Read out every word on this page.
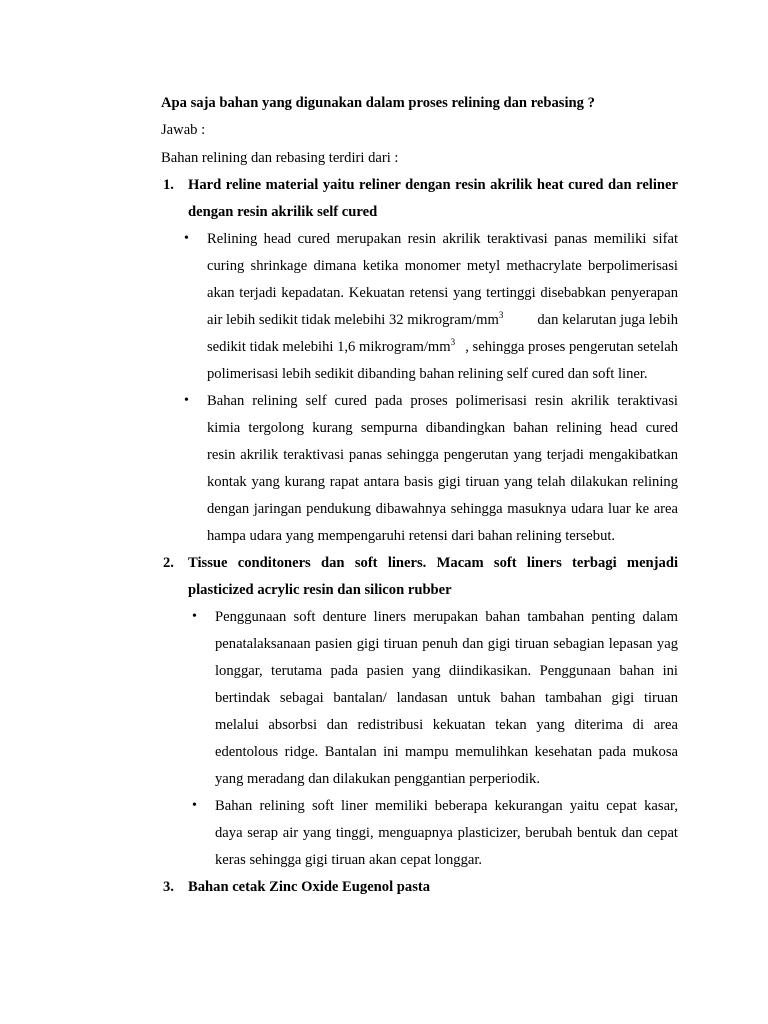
Apa saja bahan yang digunakan dalam proses relining dan rebasing ?
Jawab :
Bahan relining dan rebasing terdiri dari :
1. Hard reline material yaitu reliner dengan resin akrilik heat cured dan reliner
dengan resin akrilik self cured
• Relining head cured merupakan resin akrilik teraktivasi panas memiliki sifat
curing shrinkage dimana ketika monomer metyl methacrylate berpolimerisasi
akan terjadi kepadatan. Kekuatan retensi yang tertinggi disebabkan penyerapan
air lebih sedikit tidak melebihi 32 mikrogram/$mm^3$ dan kelarutan juga lebih
sedikit tidak melebihi 1,6 mikrogram/$mm^3$ , sehingga proses pengerutan setelah
polimerisasi lebih sedikit dibanding bahan relining self cured dan soft liner.
• Bahan relining self cured pada proses polimerisasi resin akrilik teraktivasi
kimia tergolong kurang sempurna dibandingkan bahan relining head cured
resin akrilik teraktivasi panas sehingga pengerutan yang terjadi mengakibatkan
kontak yang kurang rapat antara basis gigi tiruan yang telah dilakukan relining
dengan jaringan pendukung dibawahnya sehingga masuknya udara luar ke area
hampa udara yang mempengaruhi retensi dari bahan relining tersebut.
2. Tissue conditoners dan soft liners. Macam soft liners terbagi menjadi
plasticized acrylic resin dan silicon rubber
• Penggunaan soft denture liners merupakan bahan tambahan penting dalam
penatalaksanaan pasien gigi tiruan penuh dan gigi tiruan sebagian lepasan yag
longgar, terutama pada pasien yang diindikasikan. Penggunaan bahan ini
bertindak sebagai bantalan/ landasan untuk bahan tambahan gigi tiruan
melalui absorbsi dan redistribusi kekuatan tekan yang diterima di area
edentolous ridge. Bantalan ini mampu memulihkan kesehatan pada mukosa
yang meradang dan dilakukan penggantian perperiodik.
• Bahan relining soft liner memiliki beberapa kekurangan yaitu cepat kasar,
daya serap air yang tinggi, menguapnya plasticizer, berubah bentuk dan cepat
keras sehingga gigi tiruan akan cepat longgar.
3. Bahan cetak Zinc Oxide Eugenol pasta
